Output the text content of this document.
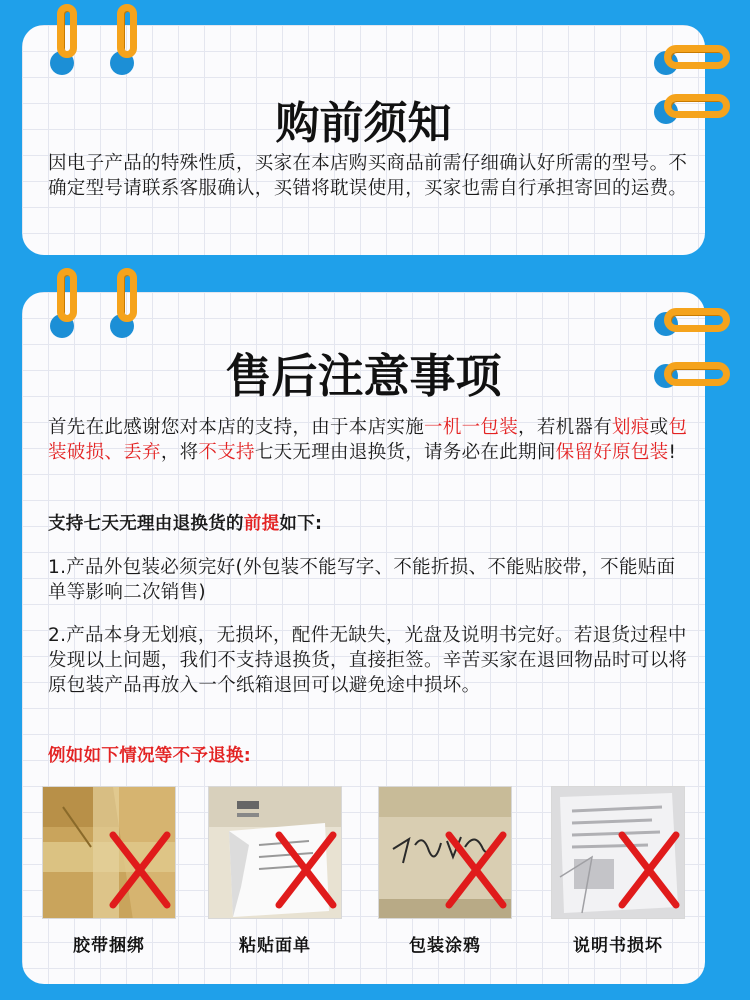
购前须知
因电子产品的特殊性质，买家在本店购买商品前需仔细确认好所需的型号。不确定型号请联系客服确认，买错将耽误使用，买家也需自行承担寄回的运费。
售后注意事项
首先在此感谢您对本店的支持，由于本店实施一机一包装，若机器有划痕或包装破损、丢弃，将不支持七天无理由退换货，请务必在此期间保留好原包装!
支持七天无理由退换货的前提如下:
1.产品外包装必须完好(外包装不能写字、不能折损、不能贴胶带，不能贴面单等影响二次销售)
2.产品本身无划痕，无损坏，配件无缺失，光盘及说明书完好。若退货过程中发现以上问题，我们不支持退换货，直接拒签。辛苦买家在退回物品时可以将原包装产品再放入一个纸箱退回可以避免途中损坏。
例如如下情况等不予退换:
胶带捆绑	粘贴面单	包装涂鸦	说明书损坏
